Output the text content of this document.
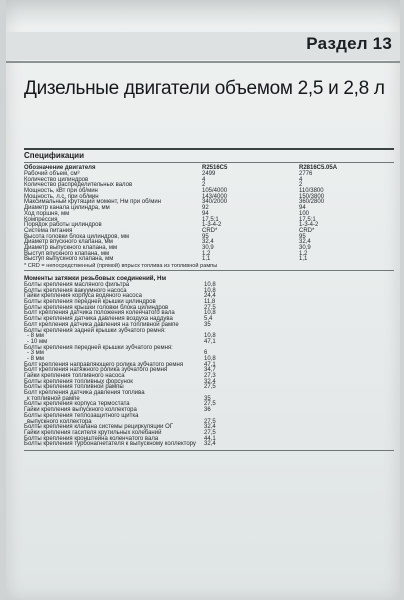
Раздел 13
Дизельные двигатели объемом 2,5 и 2,8 л
Спецификации
Обозначение двигателя	R2516C5	R2816C5.05A
Рабочий объем, см³	2499	2776
Количество цилиндров	4	4
Количество распределительных валов	2	2
Мощность, кВт при об/мин	105/4000	110/3800
Мощность, л.с. при об/мин	143/4000	150/3800
Максимальный крутящий момент, Нм при об/мин	340/2000	360/2800
Диаметр канала цилиндра, мм	92	94
Ход поршня, мм	94	100
Компрессия	17,5:1	17,5:1
Порядок работы цилиндров	1-3-4-2	1-3-4-2
Система питания	CRD*	CRD*
Высота головки блока цилиндров, мм	95	95
Диаметр впускного клапана, мм	32,4	32,4
Диаметр выпускного клапана, мм	30,9	30,9
Выступ впускного клапана, мм	1,2	1,2
Выступ выпускного клапана, мм	1,1	1,1
* CRD = непосредственный (прямой) впрыск топлива из топливной рампы
Моменты затяжки резьбовых соединений, Нм
Болты крепления масляного фильтра	10,8
Болты крепления вакуумного насоса	10,8
Гайки крепления корпуса водяного насоса	24,4
Болты крепления передней крышки цилиндров	11,8
Болты крепления крышки головки блока цилиндров	27,5
Болт крепления датчика положения коленчатого вала	10,8
Болты крепления датчика давления воздуха наддува	5,4
Болт крепления датчика давления на топливной рампе	35
Болты крепления задней крышки зубчатого ремня:
- 8 мм	10,8
- 10 мм	47,1
Болты крепления передней крышки зубчатого ремня:
- 3 мм	6
- 8 мм	10,8
Болт крепления направляющего ролика зубчатого ремня	47,1
Болт крепления натяжного ролика зубчатого ремня	34,7
Гайки крепления топливного насоса	27,3
Болты крепления топливных форсунок	32,4
Болты крепления топливной рампы	27,5
Болт крепления датчика давления топлива
к топливной рампе	35
Болты крепления корпуса термостата	27,5
Гайки крепления выпускного коллектора	36
Болты крепления теплозащитного щитка
выпускного коллектора	27,5
Болты крепления клапана системы рециркуляции ОГ	32,4
Гайки крепления гасителя крутильных колебаний	27,5
Болты крепления кронштейна коленчатого вала	44,1
Болты крепления турбонагнетателя к выпускному коллектору 32,4
